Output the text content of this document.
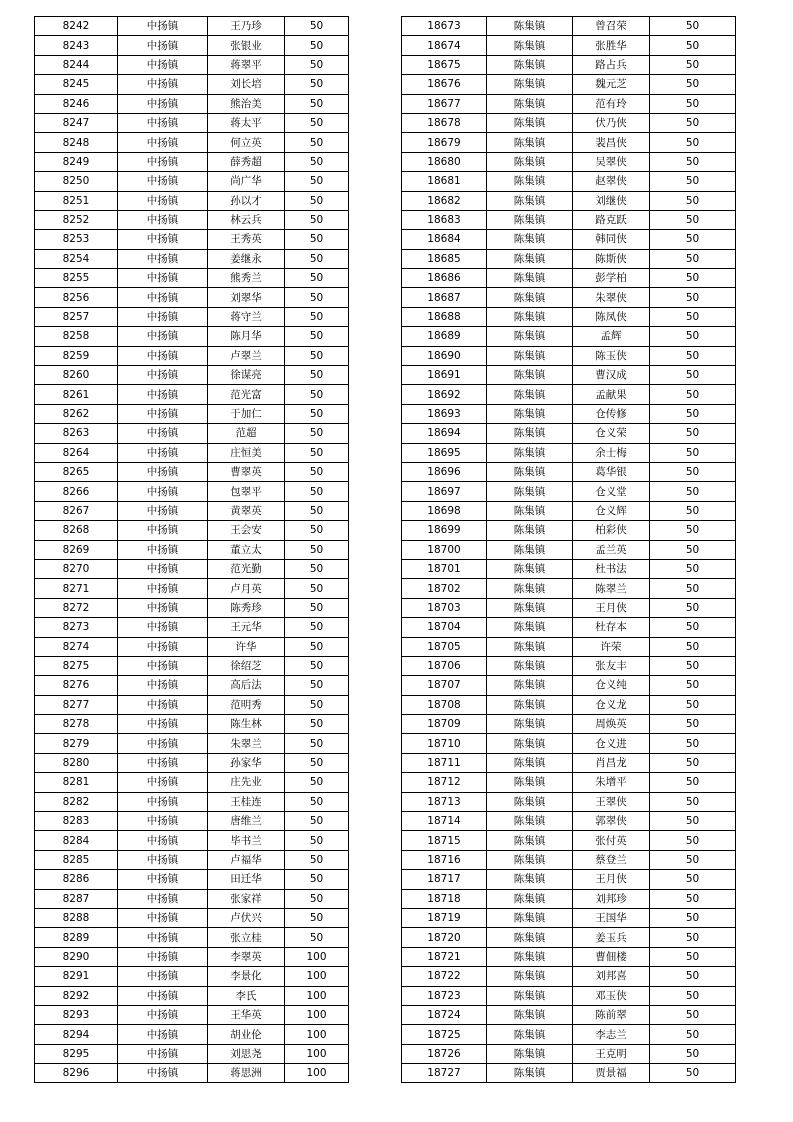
8242	中扬镇	王乃珍	50
8243	中扬镇	张银业	50
8244	中扬镇	蒋翠平	50
8245	中扬镇	刘长培	50
8246	中扬镇	熊治美	50
8247	中扬镇	蒋太平	50
8248	中扬镇	何立英	50
8249	中扬镇	薛秀超	50
8250	中扬镇	尚广华	50
8251	中扬镇	孙以才	50
8252	中扬镇	林云兵	50
8253	中扬镇	王秀英	50
8254	中扬镇	姜继永	50
8255	中扬镇	熊秀兰	50
8256	中扬镇	刘翠华	50
8257	中扬镇	蒋守兰	50
8258	中扬镇	陈月华	50
8259	中扬镇	卢翠兰	50
8260	中扬镇	徐谋亮	50
8261	中扬镇	范光富	50
8262	中扬镇	于加仁	50
8263	中扬镇	范超	50
8264	中扬镇	庄恒美	50
8265	中扬镇	曹翠英	50
8266	中扬镇	包翠平	50
8267	中扬镇	黄翠英	50
8268	中扬镇	王会安	50
8269	中扬镇	董立太	50
8270	中扬镇	范光勤	50
8271	中扬镇	卢月英	50
8272	中扬镇	陈秀珍	50
8273	中扬镇	王元华	50
8274	中扬镇	许华	50
8275	中扬镇	徐绍芝	50
8276	中扬镇	高后法	50
8277	中扬镇	范明秀	50
8278	中扬镇	陈生林	50
8279	中扬镇	朱翠兰	50
8280	中扬镇	孙家华	50
8281	中扬镇	庄先业	50
8282	中扬镇	王桂连	50
8283	中扬镇	唐维兰	50
8284	中扬镇	毕书兰	50
8285	中扬镇	卢福华	50
8286	中扬镇	田迁华	50
8287	中扬镇	张家祥	50
8288	中扬镇	卢伏兴	50
8289	中扬镇	张立桂	50
8290	中扬镇	李翠英	100
8291	中扬镇	李景化	100
8292	中扬镇	李氏	100
8293	中扬镇	王华英	100
8294	中扬镇	胡业伦	100
8295	中扬镇	刘思尧	100
8296	中扬镇	蒋思洲	100
18673	陈集镇	曾召荣	50
18674	陈集镇	张胜华	50
18675	陈集镇	路占兵	50
18676	陈集镇	魏元芝	50
18677	陈集镇	范有玲	50
18678	陈集镇	伏乃侠	50
18679	陈集镇	裴昌侠	50
18680	陈集镇	吴翠侠	50
18681	陈集镇	赵翠侠	50
18682	陈集镇	刘继侠	50
18683	陈集镇	路克跃	50
18684	陈集镇	韩同侠	50
18685	陈集镇	陈斯侠	50
18686	陈集镇	彭学柏	50
18687	陈集镇	朱翠侠	50
18688	陈集镇	陈凤侠	50
18689	陈集镇	孟辉	50
18690	陈集镇	陈玉侠	50
18691	陈集镇	曹汉成	50
18692	陈集镇	孟献果	50
18693	陈集镇	仓传修	50
18694	陈集镇	仓义荣	50
18695	陈集镇	余士梅	50
18696	陈集镇	葛华银	50
18697	陈集镇	仓义堂	50
18698	陈集镇	仓义辉	50
18699	陈集镇	柏彩侠	50
18700	陈集镇	孟兰英	50
18701	陈集镇	杜书法	50
18702	陈集镇	陈翠兰	50
18703	陈集镇	王月侠	50
18704	陈集镇	杜存本	50
18705	陈集镇	许荣	50
18706	陈集镇	张友丰	50
18707	陈集镇	仓义纯	50
18708	陈集镇	仓义龙	50
18709	陈集镇	周焕英	50
18710	陈集镇	仓义进	50
18711	陈集镇	肖昌龙	50
18712	陈集镇	朱增平	50
18713	陈集镇	王翠侠	50
18714	陈集镇	郭翠侠	50
18715	陈集镇	张付英	50
18716	陈集镇	蔡登兰	50
18717	陈集镇	王月侠	50
18718	陈集镇	刘邦珍	50
18719	陈集镇	王国华	50
18720	陈集镇	姜玉兵	50
18721	陈集镇	曹佃楼	50
18722	陈集镇	刘邦喜	50
18723	陈集镇	邓玉侠	50
18724	陈集镇	陈前翠	50
18725	陈集镇	李志兰	50
18726	陈集镇	王克明	50
18727	陈集镇	贾景福	50
